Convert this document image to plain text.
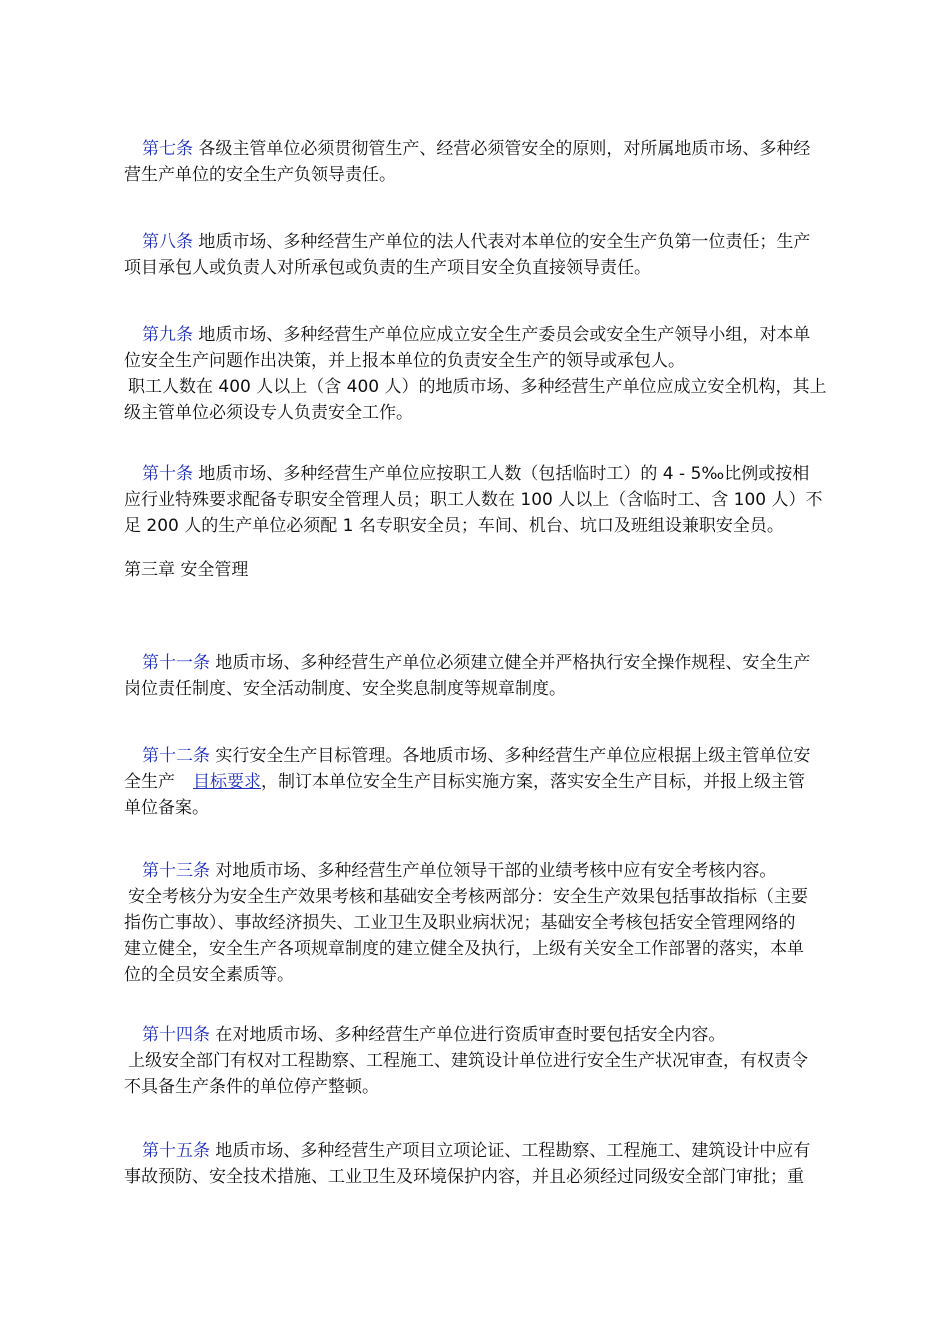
第七条 各级主管单位必须贯彻管生产、经营必须管安全的原则，对所属地质市场、多种经
营生产单位的安全生产负领导责任。
第八条 地质市场、多种经营生产单位的法人代表对本单位的安全生产负第一位责任；生产
项目承包人或负责人对所承包或负责的生产项目安全负直接领导责任。
第九条 地质市场、多种经营生产单位应成立安全生产委员会或安全生产领导小组，对本单
位安全生产问题作出决策，并上报本单位的负责安全生产的领导或承包人。
职工人数在 400 人以上（含 400 人）的地质市场、多种经营生产单位应成立安全机构，其上
级主管单位必须设专人负责安全工作。
第十条 地质市场、多种经营生产单位应按职工人数（包括临时工）的 4 - 5‰比例或按相
应行业特殊要求配备专职安全管理人员；职工人数在 100 人以上（含临时工、含 100 人）不
足 200 人的生产单位必须配 1 名专职安全员；车间、机台、坑口及班组设兼职安全员。
第三章 安全管理
第十一条 地质市场、多种经营生产单位必须建立健全并严格执行安全操作规程、安全生产
岗位责任制度、安全活动制度、安全奖息制度等规章制度。
第十二条 实行安全生产目标管理。各地质市场、多种经营生产单位应根据上级主管单位安
全生产 目标要求，制订本单位安全生产目标实施方案，落实安全生产目标，并报上级主管
单位备案。
第十三条 对地质市场、多种经营生产单位领导干部的业绩考核中应有安全考核内容。
安全考核分为安全生产效果考核和基础安全考核两部分：安全生产效果包括事故指标（主要
指伤亡事故）、事故经济损失、工业卫生及职业病状况；基础安全考核包括安全管理网络的
建立健全，安全生产各项规章制度的建立健全及执行，上级有关安全工作部署的落实，本单
位的全员安全素质等。
第十四条 在对地质市场、多种经营生产单位进行资质审查时要包括安全内容。
上级安全部门有权对工程勘察、工程施工、建筑设计单位进行安全生产状况审查，有权责令
不具备生产条件的单位停产整顿。
第十五条 地质市场、多种经营生产项目立项论证、工程勘察、工程施工、建筑设计中应有
事故预防、安全技术措施、工业卫生及环境保护内容，并且必须经过同级安全部门审批；重
